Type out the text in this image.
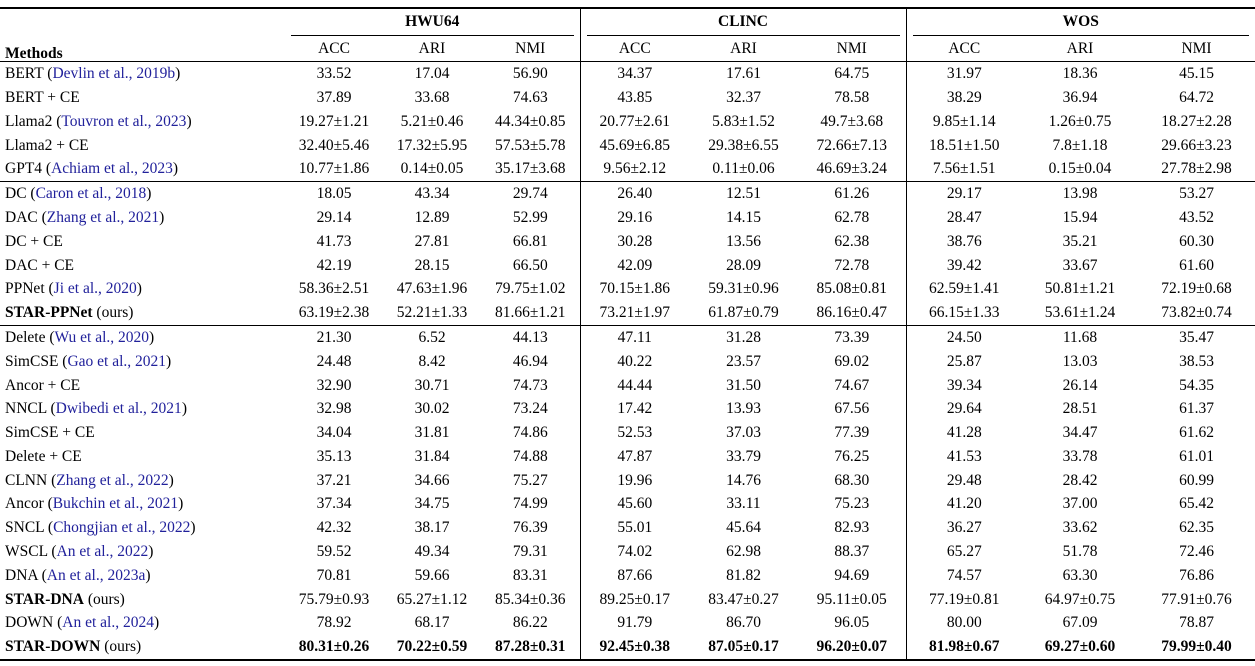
Methods	HWU64			CLINC			WOS		

	ACC	ARI	NMI	ACC	ARI	NMI	ACC	ARI	NMI
BERT (Devlin et al., 2019b)	33.52	17.04	56.90	34.37	17.61	64.75	31.97	18.36	45.15
BERT + CE	37.89	33.68	74.63	43.85	32.37	78.58	38.29	36.94	64.72
Llama2 (Touvron et al., 2023)	19.27±1.21	5.21±0.46	44.34±0.85	20.77±2.61	5.83±1.52	49.7±3.68	9.85±1.14	1.26±0.75	18.27±2.28
Llama2 + CE	32.40±5.46	17.32±5.95	57.53±5.78	45.69±6.85	29.38±6.55	72.66±7.13	18.51±1.50	7.8±1.18	29.66±3.23
GPT4 (Achiam et al., 2023)	10.77±1.86	0.14±0.05	35.17±3.68	9.56±2.12	0.11±0.06	46.69±3.24	7.56±1.51	0.15±0.04	27.78±2.98
DC (Caron et al., 2018)	18.05	43.34	29.74	26.40	12.51	61.26	29.17	13.98	53.27
DAC (Zhang et al., 2021)	29.14	12.89	52.99	29.16	14.15	62.78	28.47	15.94	43.52
DC + CE	41.73	27.81	66.81	30.28	13.56	62.38	38.76	35.21	60.30
DAC + CE	42.19	28.15	66.50	42.09	28.09	72.78	39.42	33.67	61.60
PPNet (Ji et al., 2020)	58.36±2.51	47.63±1.96	79.75±1.02	70.15±1.86	59.31±0.96	85.08±0.81	62.59±1.41	50.81±1.21	72.19±0.68
STAR-PPNet (ours)	63.19±2.38	52.21±1.33	81.66±1.21	73.21±1.97	61.87±0.79	86.16±0.47	66.15±1.33	53.61±1.24	73.82±0.74
Delete (Wu et al., 2020)	21.30	6.52	44.13	47.11	31.28	73.39	24.50	11.68	35.47
SimCSE (Gao et al., 2021)	24.48	8.42	46.94	40.22	23.57	69.02	25.87	13.03	38.53
Ancor + CE	32.90	30.71	74.73	44.44	31.50	74.67	39.34	26.14	54.35
NNCL (Dwibedi et al., 2021)	32.98	30.02	73.24	17.42	13.93	67.56	29.64	28.51	61.37
SimCSE + CE	34.04	31.81	74.86	52.53	37.03	77.39	41.28	34.47	61.62
Delete + CE	35.13	31.84	74.88	47.87	33.79	76.25	41.53	33.78	61.01
CLNN (Zhang et al., 2022)	37.21	34.66	75.27	19.96	14.76	68.30	29.48	28.42	60.99
Ancor (Bukchin et al., 2021)	37.34	34.75	74.99	45.60	33.11	75.23	41.20	37.00	65.42
SNCL (Chongjian et al., 2022)	42.32	38.17	76.39	55.01	45.64	82.93	36.27	33.62	62.35
WSCL (An et al., 2022)	59.52	49.34	79.31	74.02	62.98	88.37	65.27	51.78	72.46
DNA (An et al., 2023a)	70.81	59.66	83.31	87.66	81.82	94.69	74.57	63.30	76.86
STAR-DNA (ours)	75.79±0.93	65.27±1.12	85.34±0.36	89.25±0.17	83.47±0.27	95.11±0.05	77.19±0.81	64.97±0.75	77.91±0.76
DOWN (An et al., 2024)	78.92	68.17	86.22	91.79	86.70	96.05	80.00	67.09	78.87
STAR-DOWN (ours)	80.31±0.26	70.22±0.59	87.28±0.31	92.45±0.38	87.05±0.17	96.20±0.07	81.98±0.67	69.27±0.60	79.99±0.40
